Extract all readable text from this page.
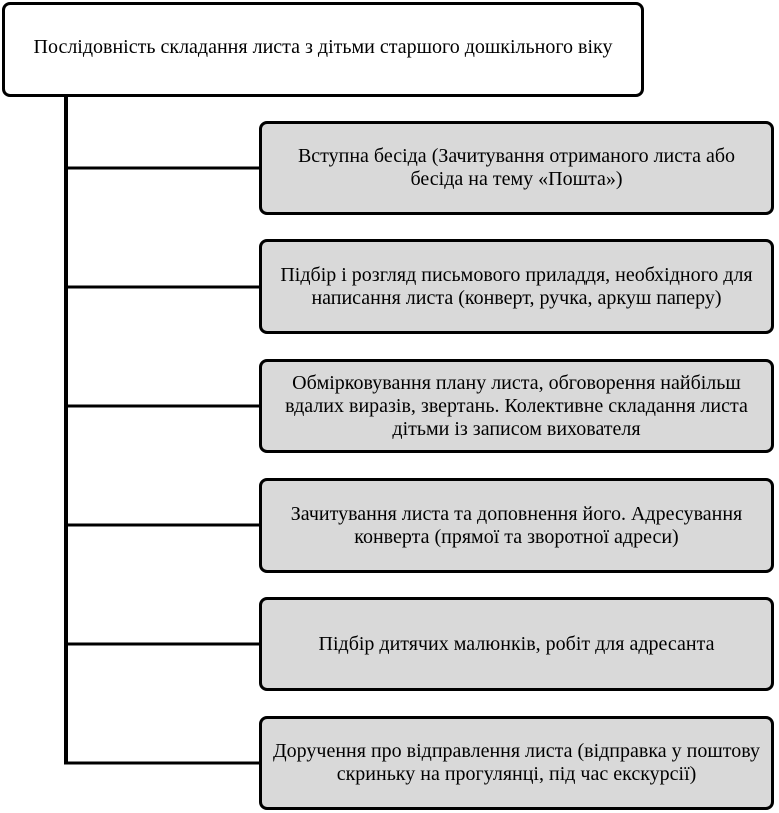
Послідовність складання листа з дітьми старшого дошкільного віку
Вступна бесіда (Зачитування отриманого листа або бесіда на тему «Пошта»)
Підбір і розгляд письмового приладдя, необхідного для написання листа (конверт, ручка, аркуш паперу)
Обмірковування плану листа, обговорення найбільш вдалих виразів, звертань. Колективне складання листа дітьми із записом вихователя
Зачитування листа та доповнення його. Адресування конверта (прямої та зворотної адреси)
Підбір дитячих малюнків, робіт для адресанта
Доручення про відправлення листа (відправка у поштову скриньку на прогулянці, під час екскурсії)
